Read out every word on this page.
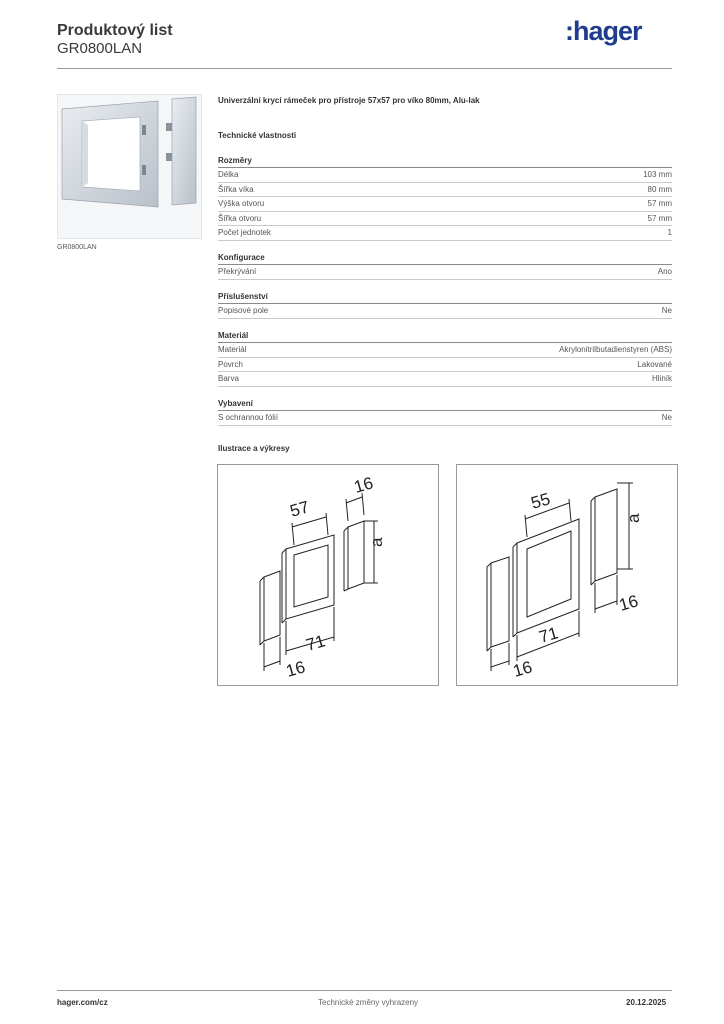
Produktový list
GR0800LAN
:hager
GR0800LAN
Univerzální krycí rámeček pro přístroje 57x57 pro víko 80mm, Alu-lak
Technické vlastnosti
Rozměry
Délka	103 mm
Šířka víka	80 mm
Výška otvoru	57 mm
Šířka otvoru	57 mm
Počet jednotek	1
Konfigurace
Překrývání	Ano
Příslušenství
Popisové pole	Ne
Materiál
Materiál	Akrylonitrilbutadienstyren (ABS)
Povrch	Lakované
Barva	Hliník
Vybavení
S ochrannou fólií	Ne
Ilustrace a výkresy
57
16
a
71
16
55
a
16
71
16
hager.com/cz	Technické změny vyhrazeny	20.12.2025
